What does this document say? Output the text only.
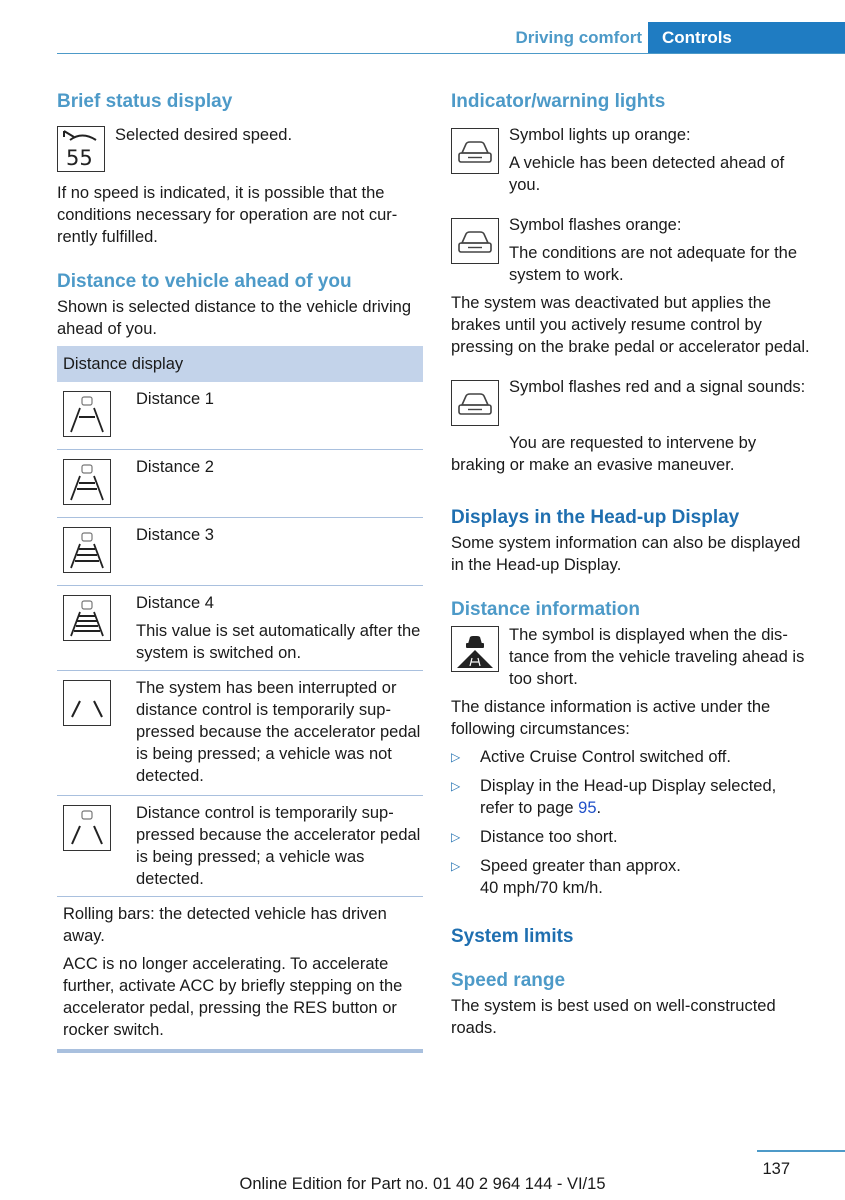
Driving comfort	Controls
Brief status display
55

Selected desired speed.

If no speed is indicated, it is possible that the conditions necessary for operation are not currently fulfilled.

Distance to vehicle ahead of you

Shown is selected distance to the vehicle driving ahead of you.

Distance display

Distance 1

Distance 2

Distance 3

Distance 4

This value is set automatically after the system is switched on.

The system has been interrupted or distance control is temporarily suppressed because the accelerator pedal is being pressed; a vehicle was not detected.

Distance control is temporarily suppressed because the accelerator pedal is being pressed; a vehicle was detected.

Rolling bars: the detected vehicle has driven away.

ACC is no longer accelerating. To accelerate further, activate ACC by briefly stepping on the accelerator pedal, pressing the RES button or rocker switch.

Indicator/warning lights

Symbol lights up orange:

A vehicle has been detected ahead of you.

Symbol flashes orange:

The conditions are not adequate for the system to work.

The system was deactivated but applies the brakes until you actively resume control by pressing on the brake pedal or accelerator pedal.

Symbol flashes red and a signal sounds:

You are requested to intervene by braking or make an evasive maneuver.

Displays in the Head-up Display

Some system information can also be displayed in the Head-up Display.

Distance information

The symbol is displayed when the distance from the vehicle traveling ahead is too short.

The distance information is active under the following circumstances:

▷	Active Cruise Control switched off.
▷	Display in the Head-up Display selected, refer to page 95.
▷	Distance too short.
▷	Speed greater than approx.
40 mph/70 km/h.
System limits
Speed range

The system is best used on well-constructed roads.

137
Online Edition for Part no. 01 40 2 964 144 - VI/15
